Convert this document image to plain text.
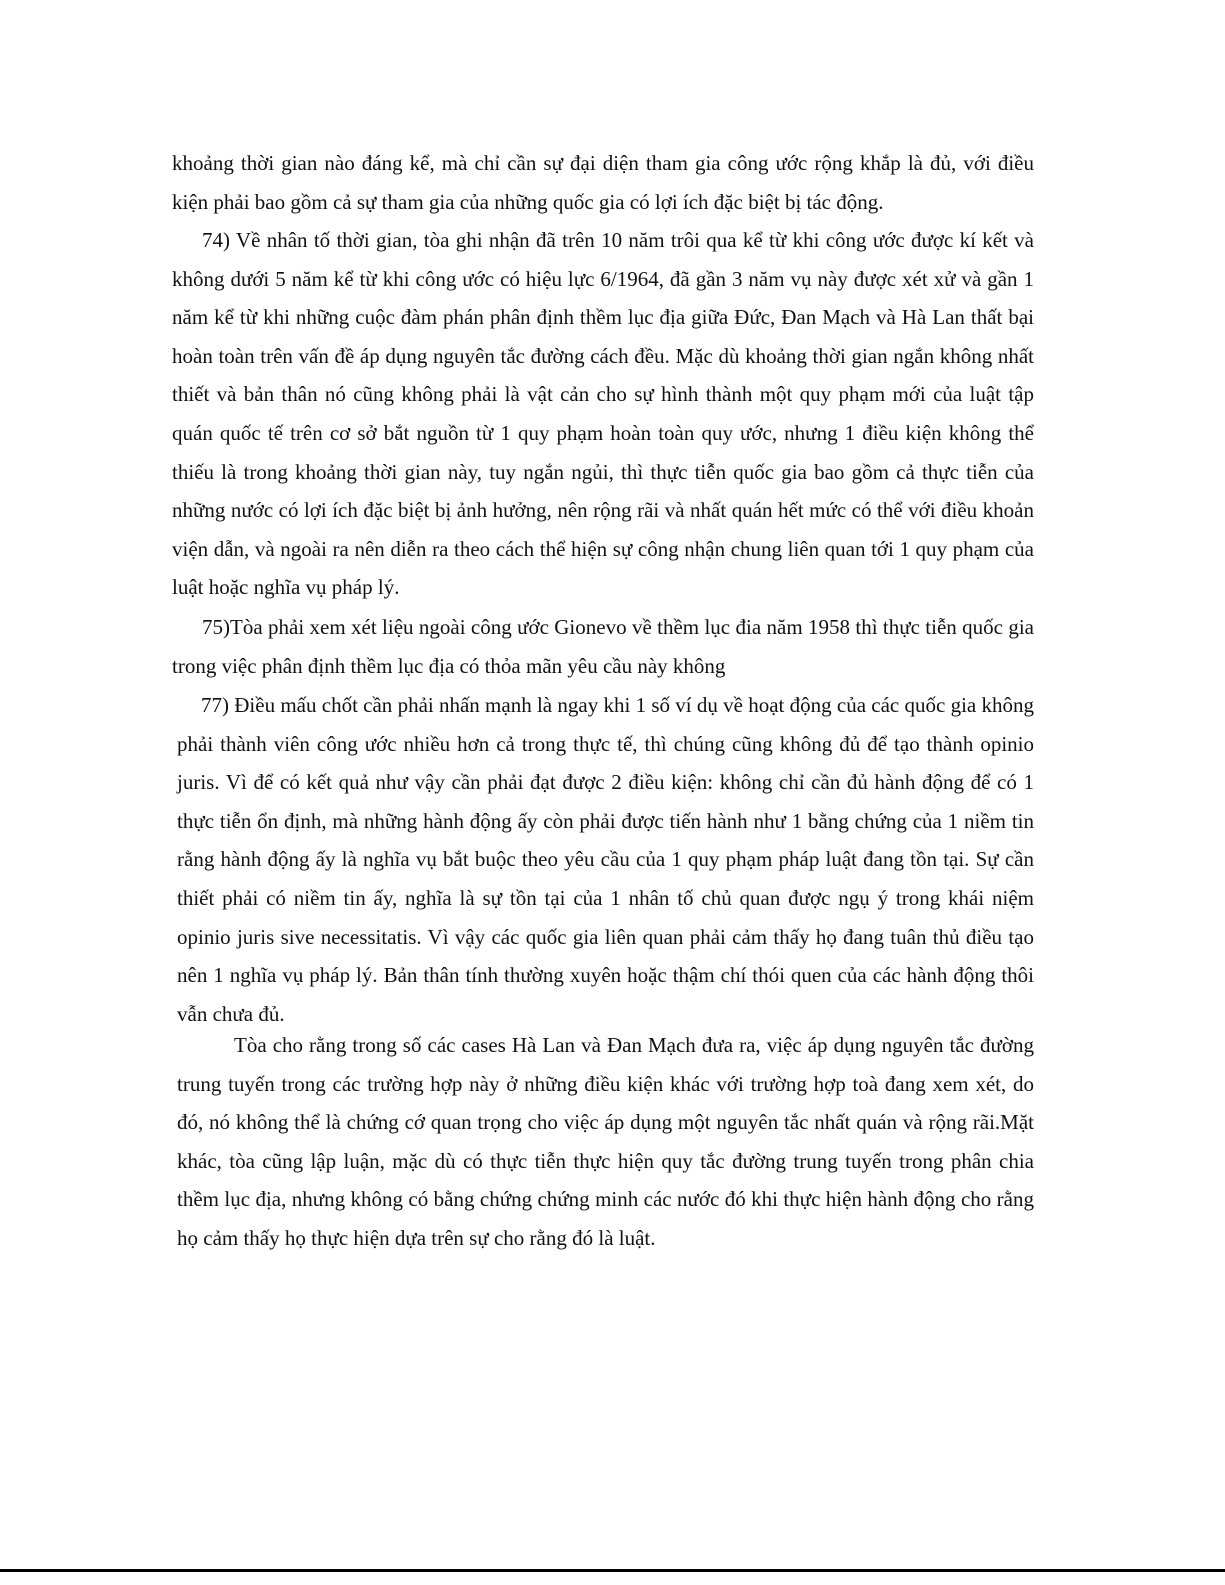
khoảng thời gian nào đáng kể, mà chỉ cần sự đại diện tham gia công ước rộng khắp là đủ, với điều kiện phải bao gồm cả sự tham gia của những quốc gia có lợi ích đặc biệt bị tác động.

74) Về nhân tố thời gian, tòa ghi nhận đã trên 10 năm trôi qua kể từ khi công ước được kí kết và không dưới 5 năm kể từ khi công ước có hiệu lực 6/1964, đã gần 3 năm vụ này được xét xử và gần 1 năm kể từ khi những cuộc đàm phán phân định thềm lục địa giữa Đức, Đan Mạch và Hà Lan thất bại hoàn toàn trên vấn đề áp dụng nguyên tắc đường cách đều. Mặc dù khoảng thời gian ngắn không nhất thiết và bản thân nó cũng không phải là vật cản cho sự hình thành một quy phạm mới của luật tập quán quốc tế trên cơ sở bắt nguồn từ 1 quy phạm hoàn toàn quy ước, nhưng 1 điều kiện không thể thiếu là trong khoảng thời gian này, tuy ngắn ngủi, thì thực tiễn quốc gia bao gồm cả thực tiễn của những nước có lợi ích đặc biệt bị ảnh hưởng, nên rộng rãi và nhất quán hết mức có thể với điều khoản viện dẫn, và ngoài ra nên diễn ra theo cách thể hiện sự công nhận chung liên quan tới 1 quy phạm của luật hoặc nghĩa vụ pháp lý.

75)Tòa phải xem xét liệu ngoài công ước Gionevo về thềm lục đia năm 1958 thì thực tiễn quốc gia trong việc phân định thềm lục địa có thỏa mãn yêu cầu này không

77) Điều mấu chốt cần phải nhấn mạnh là ngay khi 1 số ví dụ về hoạt động của các quốc gia không phải thành viên công ước nhiều hơn cả trong thực tế, thì chúng cũng không đủ để tạo thành opinio juris. Vì để có kết quả như vậy cần phải đạt được 2 điều kiện: không chỉ cần đủ hành động để có 1 thực tiễn ổn định, mà những hành động ấy còn phải được tiến hành như 1 bằng chứng của 1 niềm tin rằng hành động ấy là nghĩa vụ bắt buộc theo yêu cầu của 1 quy phạm pháp luật đang tồn tại. Sự cần thiết phải có niềm tin ấy, nghĩa là sự tồn tại của 1 nhân tố chủ quan được ngụ ý trong khái niệm opinio juris sive necessitatis. Vì vậy các quốc gia liên quan phải cảm thấy họ đang tuân thủ điều tạo nên 1 nghĩa vụ pháp lý. Bản thân tính thường xuyên hoặc thậm chí thói quen của các hành động thôi vẫn chưa đủ.

Tòa cho rằng trong số các cases Hà Lan và Đan Mạch đưa ra, việc áp dụng nguyên tắc đường trung tuyến trong các trường hợp này ở những điều kiện khác với trường hợp toà đang xem xét, do đó, nó không thể là chứng cớ quan trọng cho việc áp dụng một nguyên tắc nhất quán và rộng rãi.Mặt khác, tòa cũng lập luận, mặc dù có thực tiễn thực hiện quy tắc đường trung tuyến trong phân chia thềm lục địa, nhưng không có bằng chứng chứng minh các nước đó khi thực hiện hành động cho rằng họ cảm thấy họ thực hiện dựa trên sự cho rằng đó là luật.
